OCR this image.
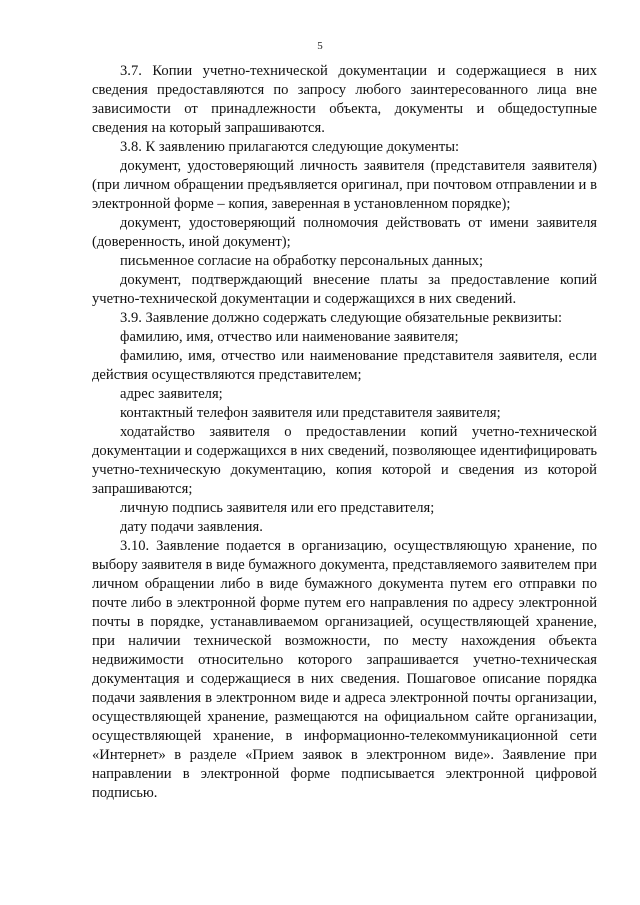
5

3.7. Копии учетно-технической документации и содержащиеся в них сведения предоставляются по запросу любого заинтересованного лица вне зависимости от принадлежности объекта, документы и общедоступные сведения на который запрашиваются.

3.8. К заявлению прилагаются следующие документы:

документ, удостоверяющий личность заявителя (представителя заявителя) (при личном обращении предъявляется оригинал, при почтовом отправлении и в электронной форме – копия, заверенная в установленном порядке);

документ, удостоверяющий полномочия действовать от имени заявителя (доверенность, иной документ);

письменное согласие на обработку персональных данных;

документ, подтверждающий внесение платы за предоставление копий учетно-технической документации и содержащихся в них сведений.

3.9. Заявление должно содержать следующие обязательные реквизиты:

фамилию, имя, отчество или наименование заявителя;

фамилию, имя, отчество или наименование представителя заявителя, если действия осуществляются представителем;

адрес заявителя;

контактный телефон заявителя или представителя заявителя;

ходатайство заявителя о предоставлении копий учетно-технической документации и содержащихся в них сведений, позволяющее идентифицировать учетно-техническую документацию, копия которой и сведения из которой запрашиваются;

личную подпись заявителя или его представителя;

дату подачи заявления.

3.10. Заявление подается в организацию, осуществляющую хранение, по выбору заявителя в виде бумажного документа, представляемого заявителем при личном обращении либо в виде бумажного документа путем его отправки по почте либо в электронной форме путем его направления по адресу электронной почты в порядке, устанавливаемом организацией, осуществляющей хранение, при наличии технической возможности, по месту нахождения объекта недвижимости относительно которого запрашивается учетно-техническая документация и содержащиеся в них сведения. Пошаговое описание порядка подачи заявления в электронном виде и адреса электронной почты организации, осуществляющей хранение, размещаются на официальном сайте организации, осуществляющей хранение, в информационно-телекоммуникационной сети «Интернет» в разделе «Прием заявок в электронном виде». Заявление при направлении в электронной форме подписывается электронной цифровой подписью.
